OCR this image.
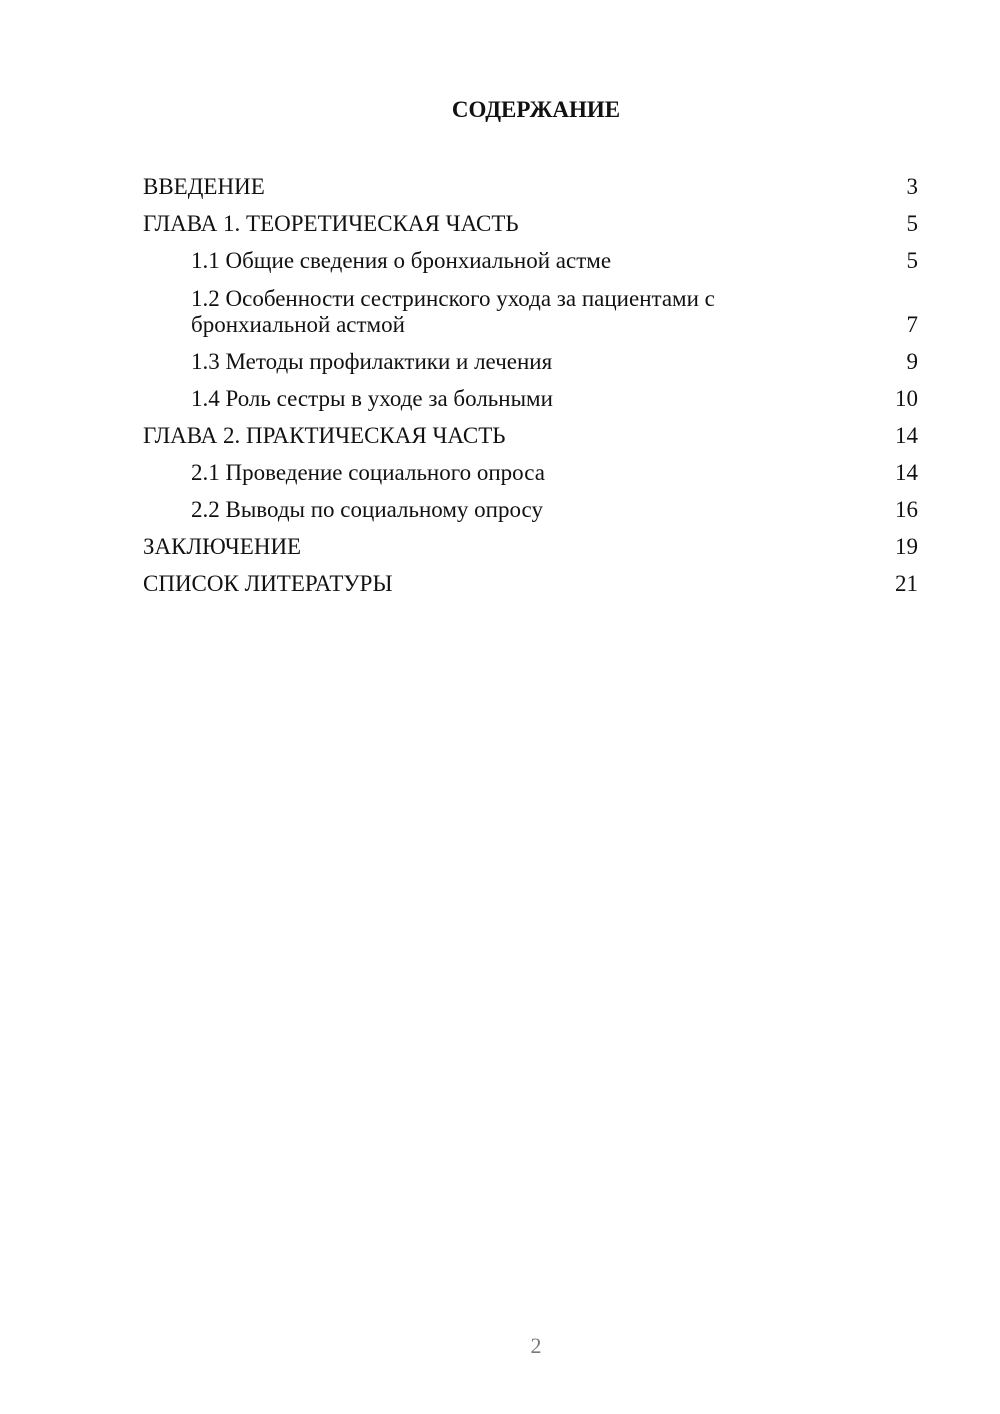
СОДЕРЖАНИЕ
ВВЕДЕНИЕ	3
ГЛАВА 1. ТЕОРЕТИЧЕСКАЯ ЧАСТЬ	5
1.1 Общие сведения о бронхиальной астме	5
1.2 Особенности сестринского ухода за пациентами с бронхиальной астмой	7
1.3 Методы профилактики и лечения	9
1.4 Роль сестры в уходе за больными	10
ГЛАВА 2. ПРАКТИЧЕСКАЯ ЧАСТЬ	14
2.1 Проведение социального опроса	14
2.2 Выводы по социальному опросу	16
ЗАКЛЮЧЕНИЕ	19
СПИСОК ЛИТЕРАТУРЫ	21
2
